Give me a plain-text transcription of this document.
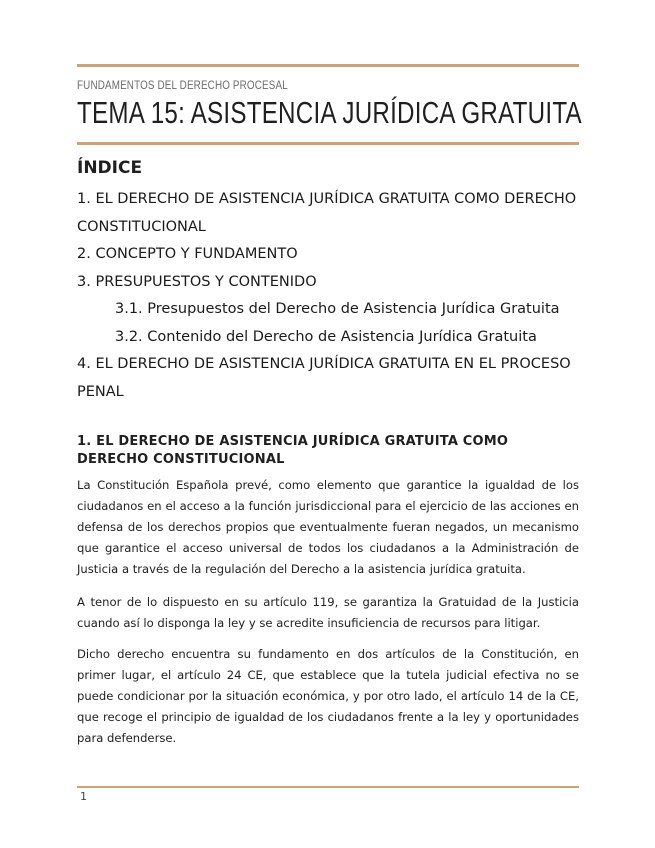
FUNDAMENTOS DEL DERECHO PROCESAL
TEMA 15: ASISTENCIA JURÍDICA GRATUITA
ÍNDICE
1. EL DERECHO DE ASISTENCIA JURÍDICA GRATUITA COMO DERECHO CONSTITUCIONAL
2. CONCEPTO Y FUNDAMENTO
3. PRESUPUESTOS Y CONTENIDO
3.1. Presupuestos del Derecho de Asistencia Jurídica Gratuita
3.2. Contenido del Derecho de Asistencia Jurídica Gratuita
4. EL DERECHO DE ASISTENCIA JURÍDICA GRATUITA EN EL PROCESO PENAL
1. EL DERECHO DE ASISTENCIA JURÍDICA GRATUITA COMO DERECHO CONSTITUCIONAL

La Constitución Española prevé, como elemento que garantice la igualdad de los ciudadanos en el acceso a la función jurisdiccional para el ejercicio de las acciones en defensa de los derechos propios que eventualmente fueran negados, un mecanismo que garantice el acceso universal de todos los ciudadanos a la Administración de Justicia a través de la regulación del Derecho a la asistencia jurídica gratuita.

A tenor de lo dispuesto en su artículo 119, se garantiza la Gratuidad de la Justicia cuando así lo disponga la ley y se acredite insuficiencia de recursos para litigar.

Dicho derecho encuentra su fundamento en dos artículos de la Constitución, en primer lugar, el artículo 24 CE, que establece que la tutela judicial efectiva no se puede condicionar por la situación económica, y por otro lado, el artículo 14 de la CE, que recoge el principio de igualdad de los ciudadanos frente a la ley y oportunidades para defenderse.

1
